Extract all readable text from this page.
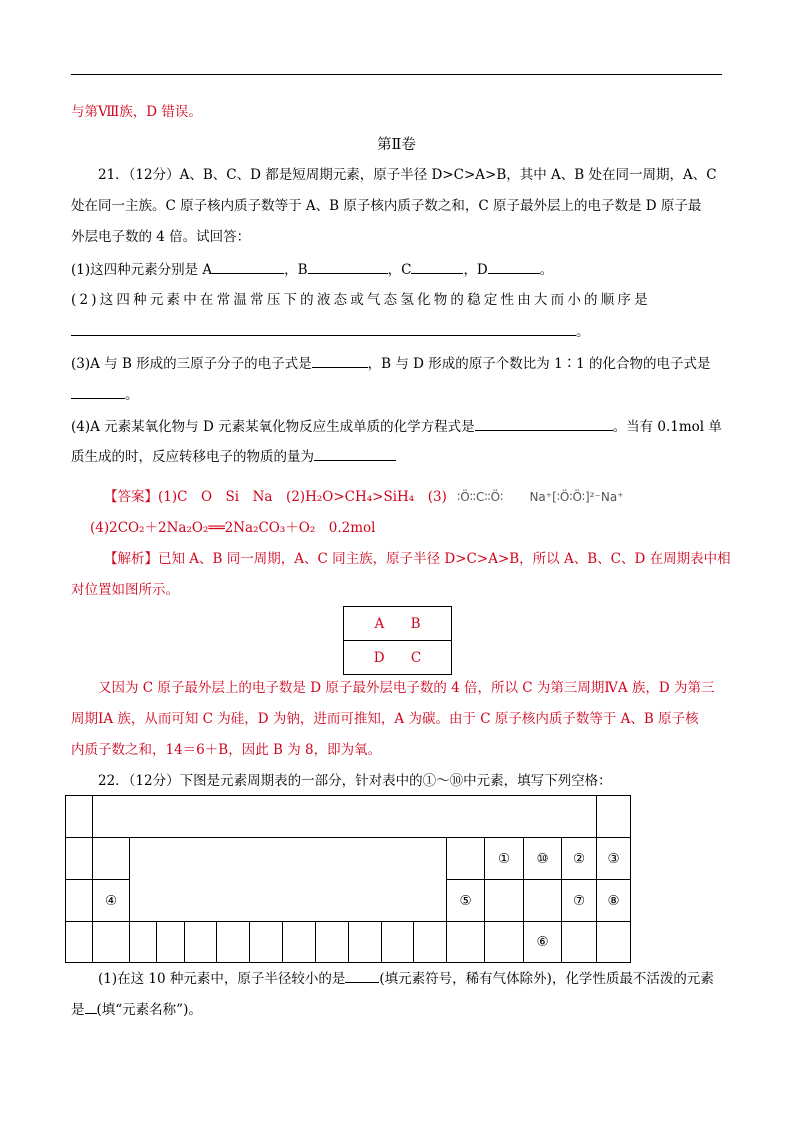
与第Ⅷ族，D 错误。
第Ⅱ卷
21．（12分）A、B、C、D 都是短周期元素，原子半径 D>C>A>B，其中 A、B 处在同一周期，A、C
处在同一主族。C 原子核内质子数等于 A、B 原子核内质子数之和，C 原子最外层上的电子数是 D 原子最
外层电子数的 4 倍。试回答：
(1)这四种元素分别是 A	，B	，C	，D	。
(2)这四种元素中在常温常压下的液态或气态氢化物的稳定性由大而小的顺序是
。
(3)A 与 B 形成的三原子分子的电子式是	，B 与 D 形成的原子个数比为 1∶1 的化合物的电子式是
。
(4)A 元素某氧化物与 D 元素某氧化物反应生成单质的化学方程式是	。当有 0.1mol 单
质生成的时，反应转移电子的物质的量为
【答案】(1)C　O　Si　Na　(2)H₂O>CH₄>SiH₄　(3) ∶Ö∶∶C∶∶Ö∶ Na⁺[∶Ö∶Ö∶]²⁻Na⁺
(4)2CO₂＋2Na₂O₂══2Na₂CO₃＋O₂　0.2mol
【解析】已知 A、B 同一周期，A、C 同主族，原子半径 D>C>A>B，所以 A、B、C、D 在周期表中相
对位置如图所示。
A B
D C
又因为 C 原子最外层上的电子数是 D 原子最外层电子数的 4 倍，所以 C 为第三周期ⅣA 族，D 为第三
周期ⅠA 族，从而可知 C 为硅，D 为钠，进而可推知，A 为碳。由于 C 原子核内质子数等于 A、B 原子核
内质子数之和，14＝6＋B，因此 B 为 8，即为氧。
22．（12分）下图是元素周期表的一部分，针对表中的①～⑩中元素，填写下列空格：

													①	⑩	②	③
	④											⑤			⑦	⑧
														⑥		
(1)在这 10 种元素中，原子半径较小的是	(填元素符号，稀有气体除外)，化学性质最不活泼的元素
是 (填“元素名称”)。
